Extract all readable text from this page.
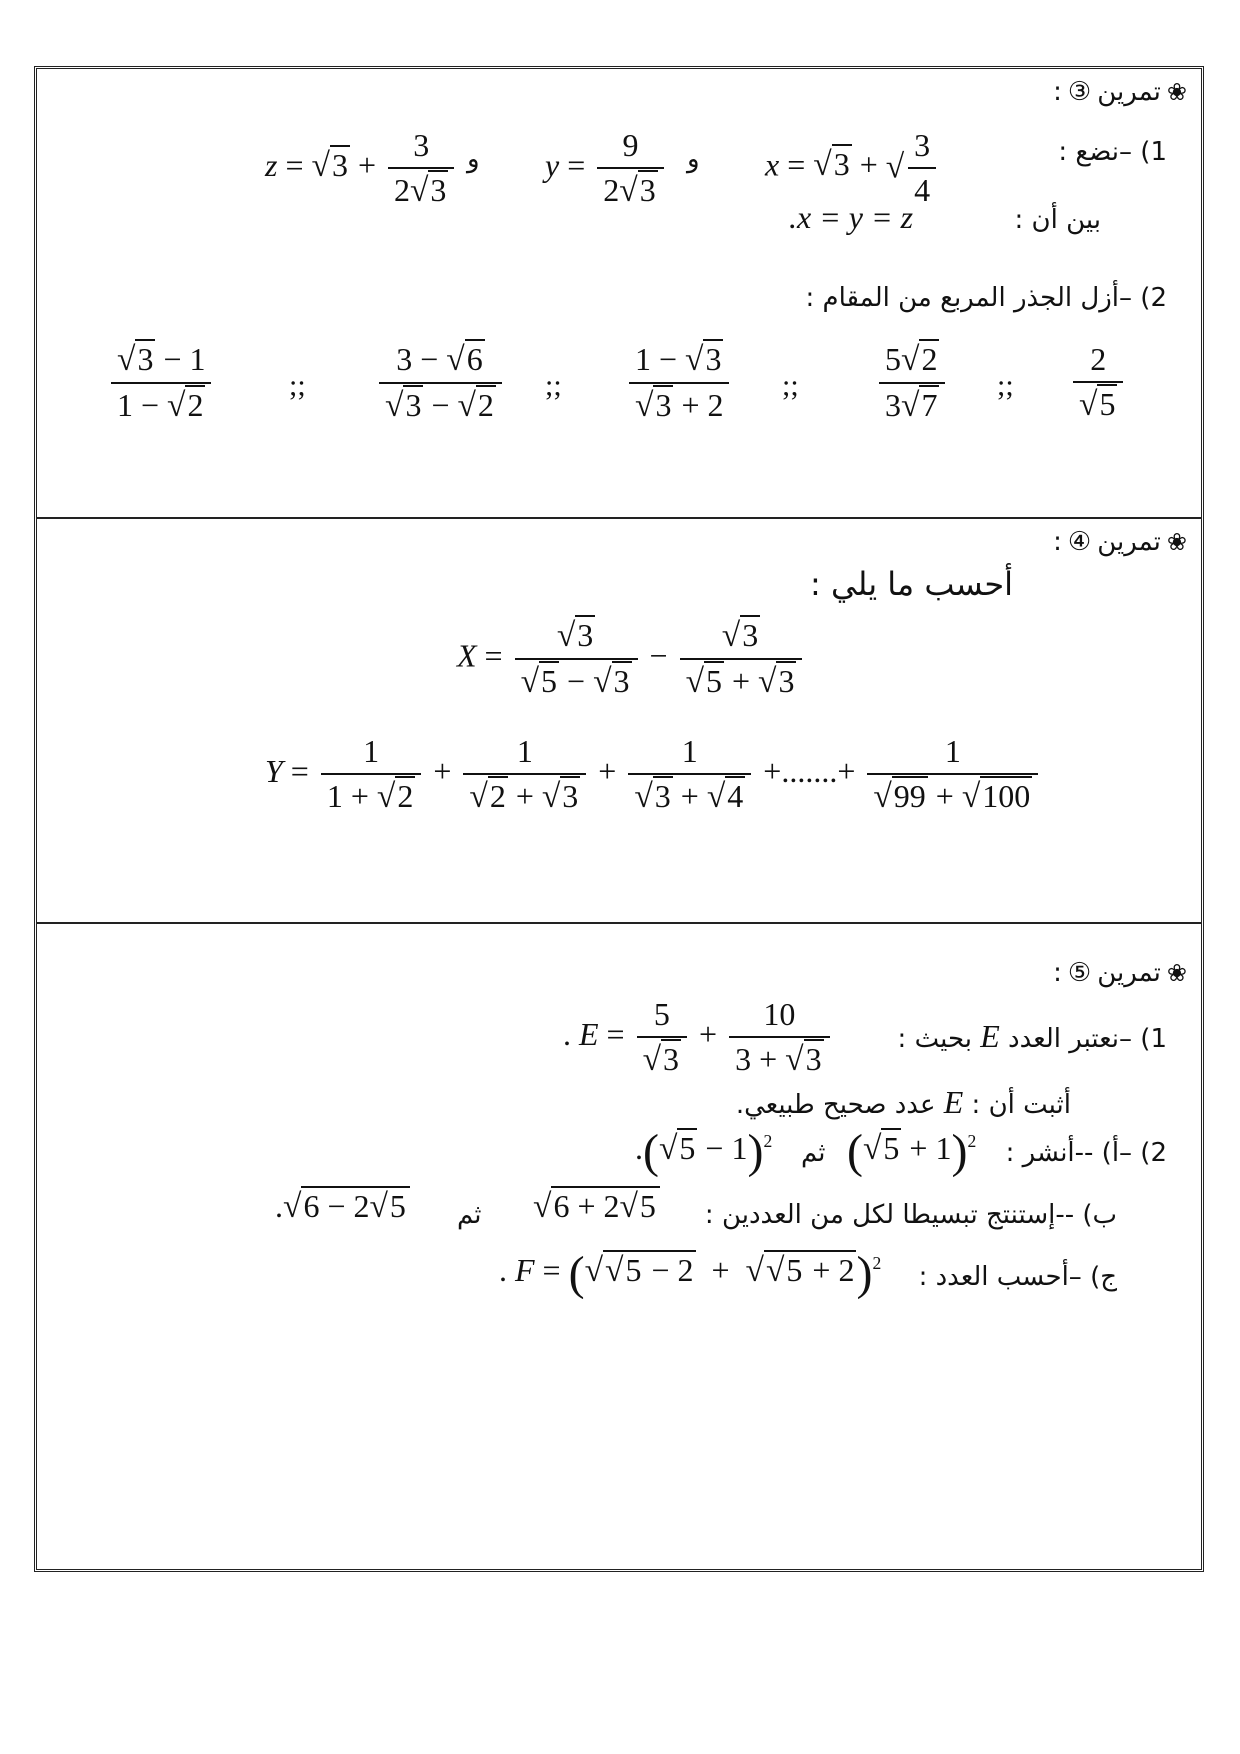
❀
تمرين
③
:
1) –نضع :
x = √3 + √ $\frac{3}{4}$
و
$y = \frac{9}{2√3}$
و
$z = √3 + \frac{3}{2√3}$
بين أن :
.x = y = z
2) –أزل الجذر المربع من المقام :
$\frac{2}{√5}$
;;
$\frac{5√2}{3√7}$
;;
$\frac{1 - √3}{√3 + 2}$
;;
$\frac{3 - √6}{√3 - √2}$
;;
$\frac{√3 - 1}{1 - √2}$
❀
تمرين
④
:
أحسب ما يلي :
$X = \frac{√3}{√5 - √3} - \frac{√3}{√5 + √3}$
$Y = \frac{1}{1 + √2} + \frac{1}{√2 + √3} + \frac{1}{√3 + √4}$ +.......+ $\frac{1}{√99 + √100}$
❀
تمرين
⑤
:
1) –نعتبر العدد E بحيث :
. $E = \frac{5}{√3} + \frac{10}{3 + √3}$
أثبت أن : E عدد صحيح طبيعي.
2) –أ) --أنشر :
$(√5 + 1)^2$
ثم
$.(√5 - 1)^2$
ب) --إستنتج تبسيطا لكل من العددين :
√6 + 2√5
ثم
.√6 − 2√5
ج) –أحسب العدد :
. $F = (√√5 - 2 + √√5 + 2)^2$
